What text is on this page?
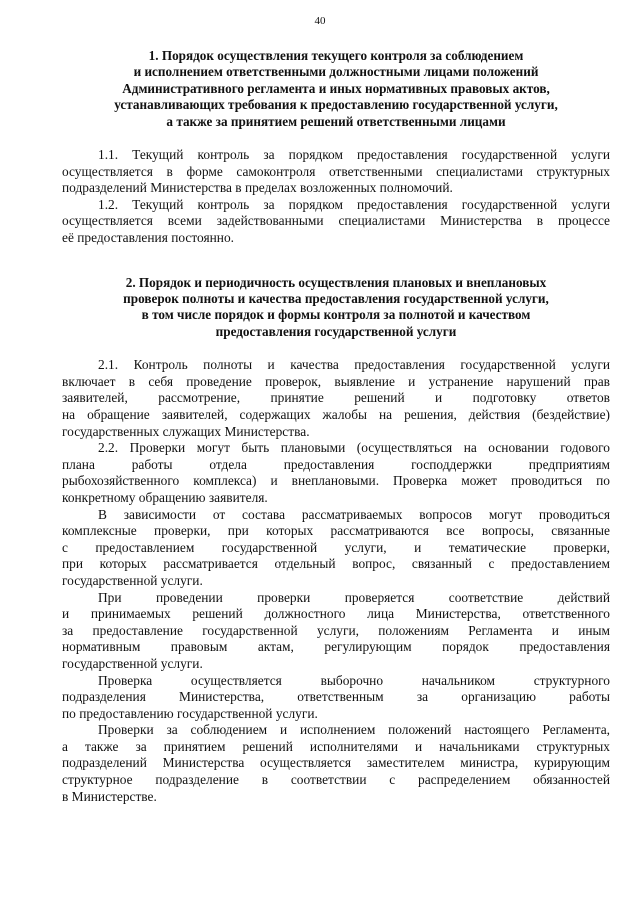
40
1. Порядок осуществления текущего контроля за соблюдением
и исполнением ответственными должностными лицами положений
Административного регламента и иных нормативных правовых актов,
устанавливающих требования к предоставлению государственной услуги,
а также за принятием решений ответственными лицами

1.1. Текущий контроль за порядком предоставления государственной услуги
осуществляется в форме самоконтроля ответственными специалистами структурных
подразделений Министерства в пределах возложенных полномочий.

1.2. Текущий контроль за порядком предоставления государственной услуги
осуществляется всеми задействованными специалистами Министерства в процессе
её предоставления постоянно.

2. Порядок и периодичность осуществления плановых и внеплановых
проверок полноты и качества предоставления государственной услуги,
в том числе порядок и формы контроля за полнотой и качеством
предоставления государственной услуги

2.1. Контроль полноты и качества предоставления государственной услуги
включает в себя проведение проверок, выявление и устранение нарушений прав
заявителей, рассмотрение, принятие решений и подготовку ответов
на обращение заявителей, содержащих жалобы на решения, действия (бездействие)
государственных служащих Министерства.

2.2. Проверки могут быть плановыми (осуществляться на основании годового
плана работы отдела предоставления господдержки предприятиям
рыбохозяйственного комплекса) и внеплановыми. Проверка может проводиться по
конкретному обращению заявителя.

В зависимости от состава рассматриваемых вопросов могут проводиться
комплексные проверки, при которых рассматриваются все вопросы, связанные
с предоставлением государственной услуги, и тематические проверки,
при которых рассматривается отдельный вопрос, связанный с предоставлением
государственной услуги.

При проведении проверки проверяется соответствие действий
и принимаемых решений должностного лица Министерства, ответственного
за предоставление государственной услуги, положениям Регламента и иным
нормативным правовым актам, регулирующим порядок предоставления
государственной услуги.

Проверка осуществляется выборочно начальником структурного
подразделения Министерства, ответственным за организацию работы
по предоставлению государственной услуги.

Проверки за соблюдением и исполнением положений настоящего Регламента,
а также за принятием решений исполнителями и начальниками структурных
подразделений Министерства осуществляется заместителем министра, курирующим
структурное подразделение в соответствии с распределением обязанностей
в Министерстве.
